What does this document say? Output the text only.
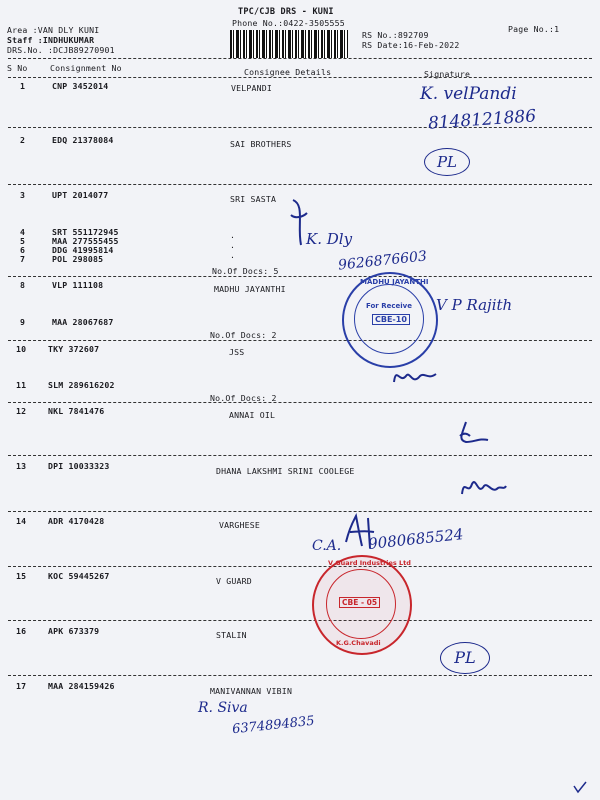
TPC/CJB DRS - KUNI
Phone No.:0422-3505555
Page No.:1
Area :VAN DLY KUNI
Staff :INDHUKUMAR
DRS.No. :DCJB89270901
RS No.:892709
RS Date:16-Feb-2022
S No	Consignment No	Consignee Details	Signature
1	CNP 3452014	VELPANDI
2	EDQ 21378084	SAI BROTHERS
3	UPT 2014077	SRI SASTA
4	SRT 551172945
5	MAA 277555455
6	DDG 41995814
7	POL 298085
.
.
.
No.Of Docs: 5
8	VLP 111108	MADHU JAYANTHI
9	MAA 28067687
No.Of Docs: 2
10	TKY 372607	JSS
11	SLM 289616202
No.Of Docs: 2
12	NKL 7841476	ANNAI OIL
13	DPI 10033323	DHANA LAKSHMI SRINI COOLEGE
14	ADR 4170428	VARGHESE
15	KOC 59445267	V GUARD
16	APK 673379	STALIN
17	MAA 284159426	MANIVANNAN VIBIN
MADHU JAYANTHI
For Receive
CBE-10
V Guard Industries Ltd
CBE - 05
K.G.Chavadi
K. velPandi
8148121886
PL
K. Dly
9626876603
V P Rajith
C.A. 9080685524
PL
R. Siva
6374894835
